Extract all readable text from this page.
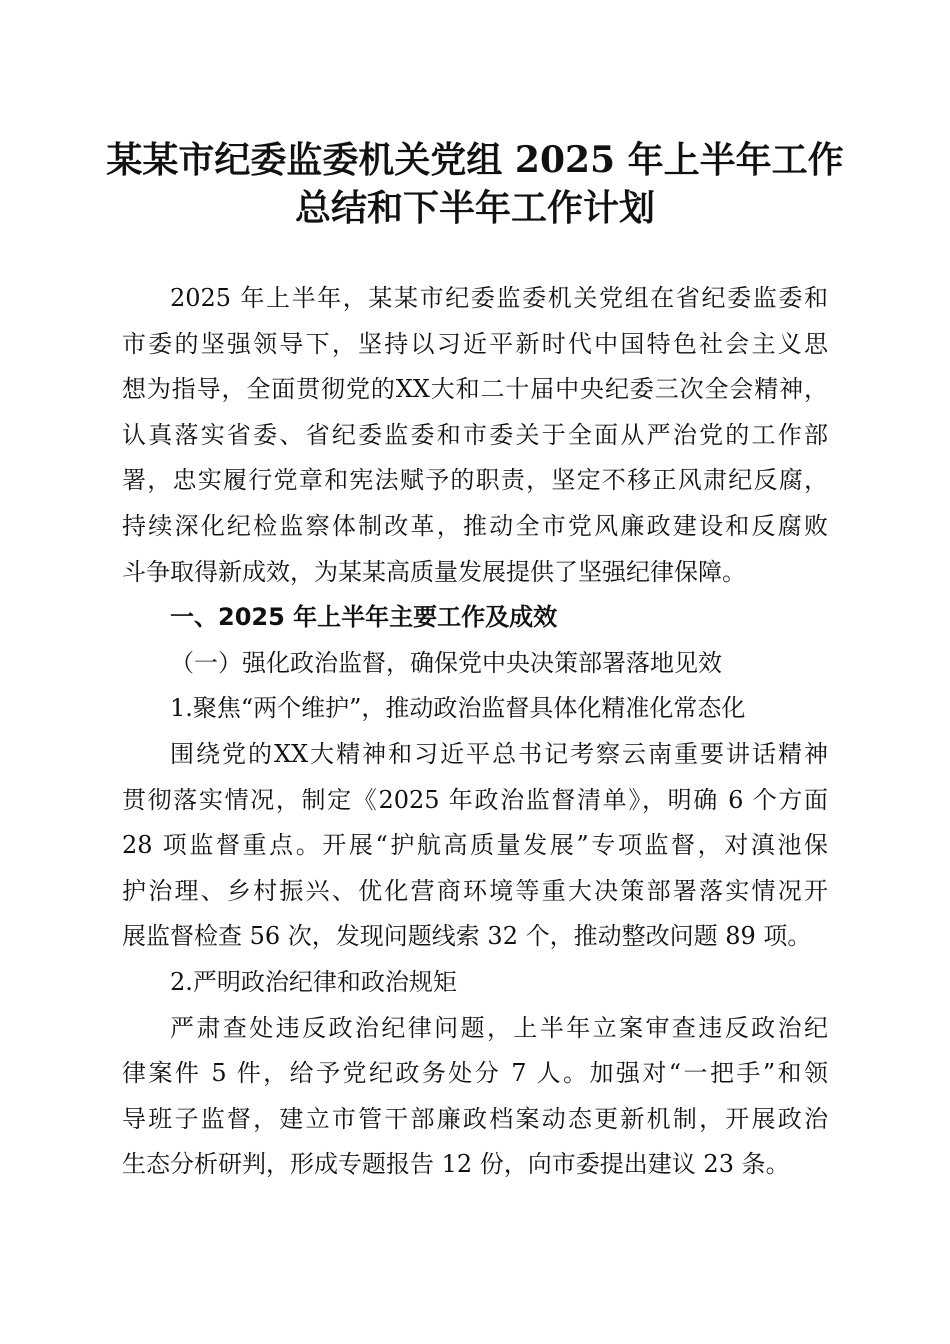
某某市纪委监委机关党组 2025 年上半年工作
总结和下半年工作计划
2025 年上半年，某某市纪委监委机关党组在省纪委监委和
市委的坚强领导下，坚持以习近平新时代中国特色社会主义思
想为指导，全面贯彻党的XX大和二十届中央纪委三次全会精神，
认真落实省委、省纪委监委和市委关于全面从严治党的工作部
署，忠实履行党章和宪法赋予的职责，坚定不移正风肃纪反腐，
持续深化纪检监察体制改革，推动全市党风廉政建设和反腐败
斗争取得新成效，为某某高质量发展提供了坚强纪律保障。
一、2025 年上半年主要工作及成效
（一）强化政治监督，确保党中央决策部署落地见效
1.聚焦“两个维护”，推动政治监督具体化精准化常态化
围绕党的XX大精神和习近平总书记考察云南重要讲话精神
贯彻落实情况，制定《2025 年政治监督清单》，明确 6 个方面
28 项监督重点。开展“护航高质量发展”专项监督，对滇池保
护治理、乡村振兴、优化营商环境等重大决策部署落实情况开
展监督检查 56 次，发现问题线索 32 个，推动整改问题 89 项。
2.严明政治纪律和政治规矩
严肃查处违反政治纪律问题，上半年立案审查违反政治纪
律案件 5 件，给予党纪政务处分 7 人。加强对“一把手”和领
导班子监督，建立市管干部廉政档案动态更新机制，开展政治
生态分析研判，形成专题报告 12 份，向市委提出建议 23 条。
